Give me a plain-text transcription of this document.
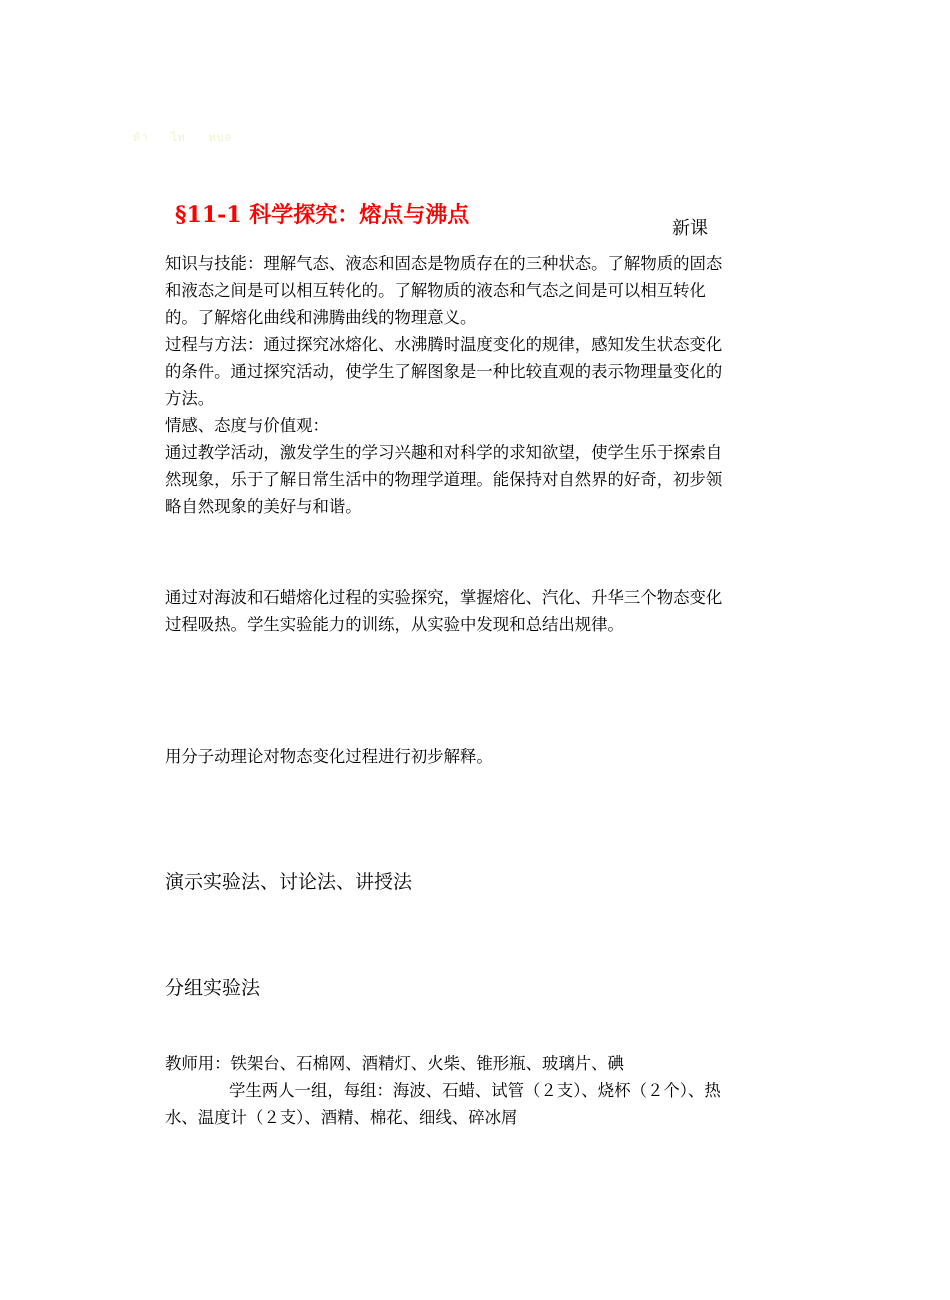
ห้า ไท ทบส
§11-1 科学探究：熔点与沸点
新课
知识与技能：理解气态、液态和固态是物质存在的三种状态。了解物质的固态
和液态之间是可以相互转化的。了解物质的液态和气态之间是可以相互转化
的。了解熔化曲线和沸腾曲线的物理意义。
过程与方法：通过探究冰熔化、水沸腾时温度变化的规律，感知发生状态变化
的条件。通过探究活动，使学生了解图象是一种比较直观的表示物理量变化的
方法。
情感、态度与价值观：
通过教学活动，激发学生的学习兴趣和对科学的求知欲望，使学生乐于探索自
然现象，乐于了解日常生活中的物理学道理。能保持对自然界的好奇，初步领
略自然现象的美好与和谐。
通过对海波和石蜡熔化过程的实验探究，掌握熔化、汽化、升华三个物态变化
过程吸热。学生实验能力的训练，从实验中发现和总结出规律。
用分子动理论对物态变化过程进行初步解释。
演示实验法、讨论法、讲授法
分组实验法
教师用：铁架台、石棉网、酒精灯、火柴、锥形瓶、玻璃片、碘
学生两人一组，每组：海波、石蜡、试管（２支）、烧杯（２个）、热
水、温度计（２支）、酒精、棉花、细线、碎冰屑
